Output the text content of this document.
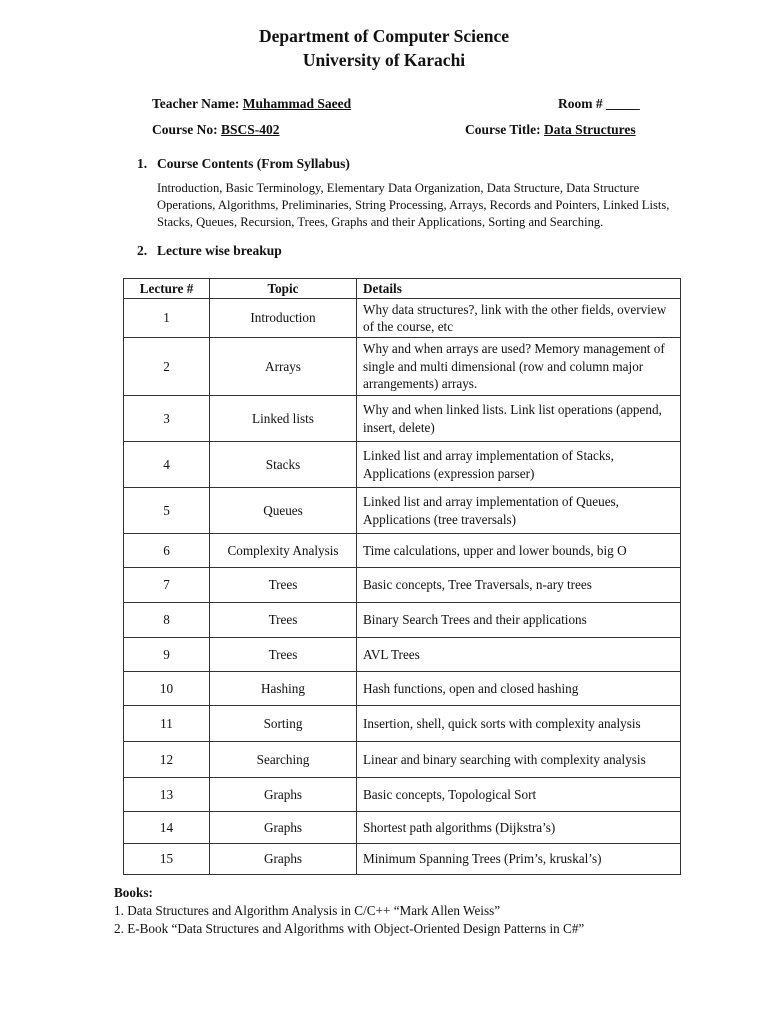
Department of Computer Science
University of Karachi
Teacher Name: Muhammad Saeed	Room # _____
Course No: BSCS-402	Course Title: Data Structures
1. Course Contents (From Syllabus)
Introduction, Basic Terminology, Elementary Data Organization, Data Structure, Data Structure Operations, Algorithms, Preliminaries, String Processing, Arrays, Records and Pointers, Linked Lists, Stacks, Queues, Recursion, Trees, Graphs and their Applications, Sorting and Searching.
2. Lecture wise breakup
Lecture #	Topic	Details
1	Introduction	Why data structures?, link with the other fields, overview of the course, etc
2	Arrays	Why and when arrays are used? Memory management of single and multi dimensional (row and column major arrangements) arrays.
3	Linked lists	Why and when linked lists. Link list operations (append, insert, delete)
4	Stacks	Linked list and array implementation of Stacks, Applications (expression parser)
5	Queues	Linked list and array implementation of Queues, Applications (tree traversals)
6	Complexity Analysis	Time calculations, upper and lower bounds, big O
7	Trees	Basic concepts, Tree Traversals, n-ary trees
8	Trees	Binary Search Trees and their applications
9	Trees	AVL Trees
10	Hashing	Hash functions, open and closed hashing
11	Sorting	Insertion, shell, quick sorts with complexity analysis
12	Searching	Linear and binary searching with complexity analysis
13	Graphs	Basic concepts, Topological Sort
14	Graphs	Shortest path algorithms (Dijkstra’s)
15	Graphs	Minimum Spanning Trees (Prim’s, kruskal’s)
Books:
1. Data Structures and Algorithm Analysis in C/C++ “Mark Allen Weiss”
2. E-Book “Data Structures and Algorithms with Object-Oriented Design Patterns in C#”
